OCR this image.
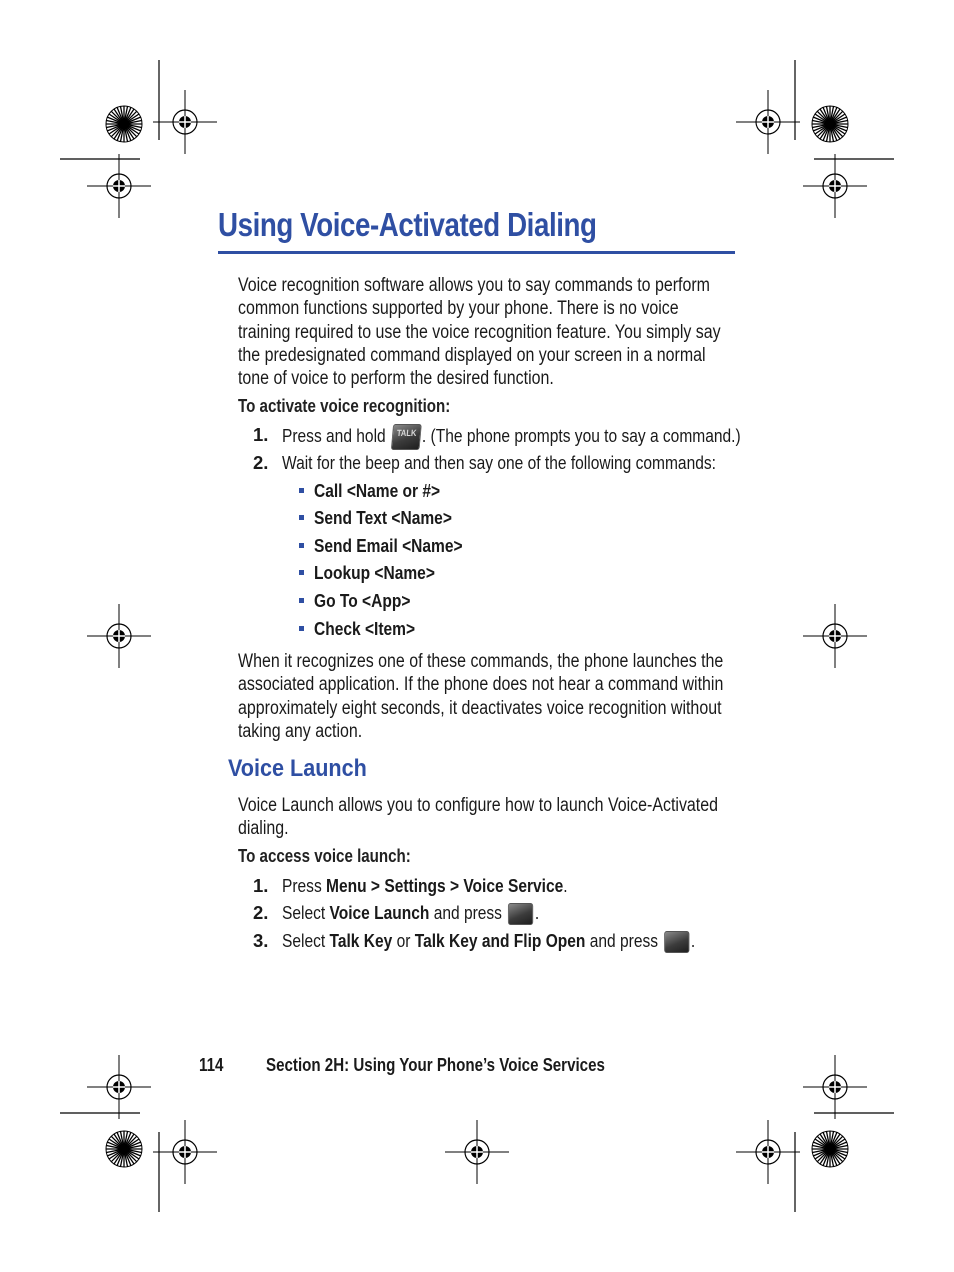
Using Voice-Activated Dialing

Voice recognition software allows you to say commands to perform common functions supported by your phone. There is no voice training required to use the voice recognition feature. You simply say the predesignated command displayed on your screen in a normal tone of voice to perform the desired function.

To activate voice recognition:

1. Press and hold	TALK . (The phone prompts you to say a command.)
2. Wait for the beep and then say one of the following commands:
Call <Name or #>
Send Text <Name>
Send Email <Name>
Lookup <Name>
Go To <App>
Check <Item>

When it recognizes one of these commands, the phone launches the associated application. If the phone does not hear a command within approximately eight seconds, it deactivates voice recognition without taking any action.

Voice Launch

Voice Launch allows you to configure how to launch Voice-Activated dialing.

To access voice launch:

1. Press Menu > Settings > Voice Service.
2. Select Voice Launch and press .
3. Select Talk Key or Talk Key and Flip Open and press .
114 Section 2H: Using Your Phone’s Voice Services
